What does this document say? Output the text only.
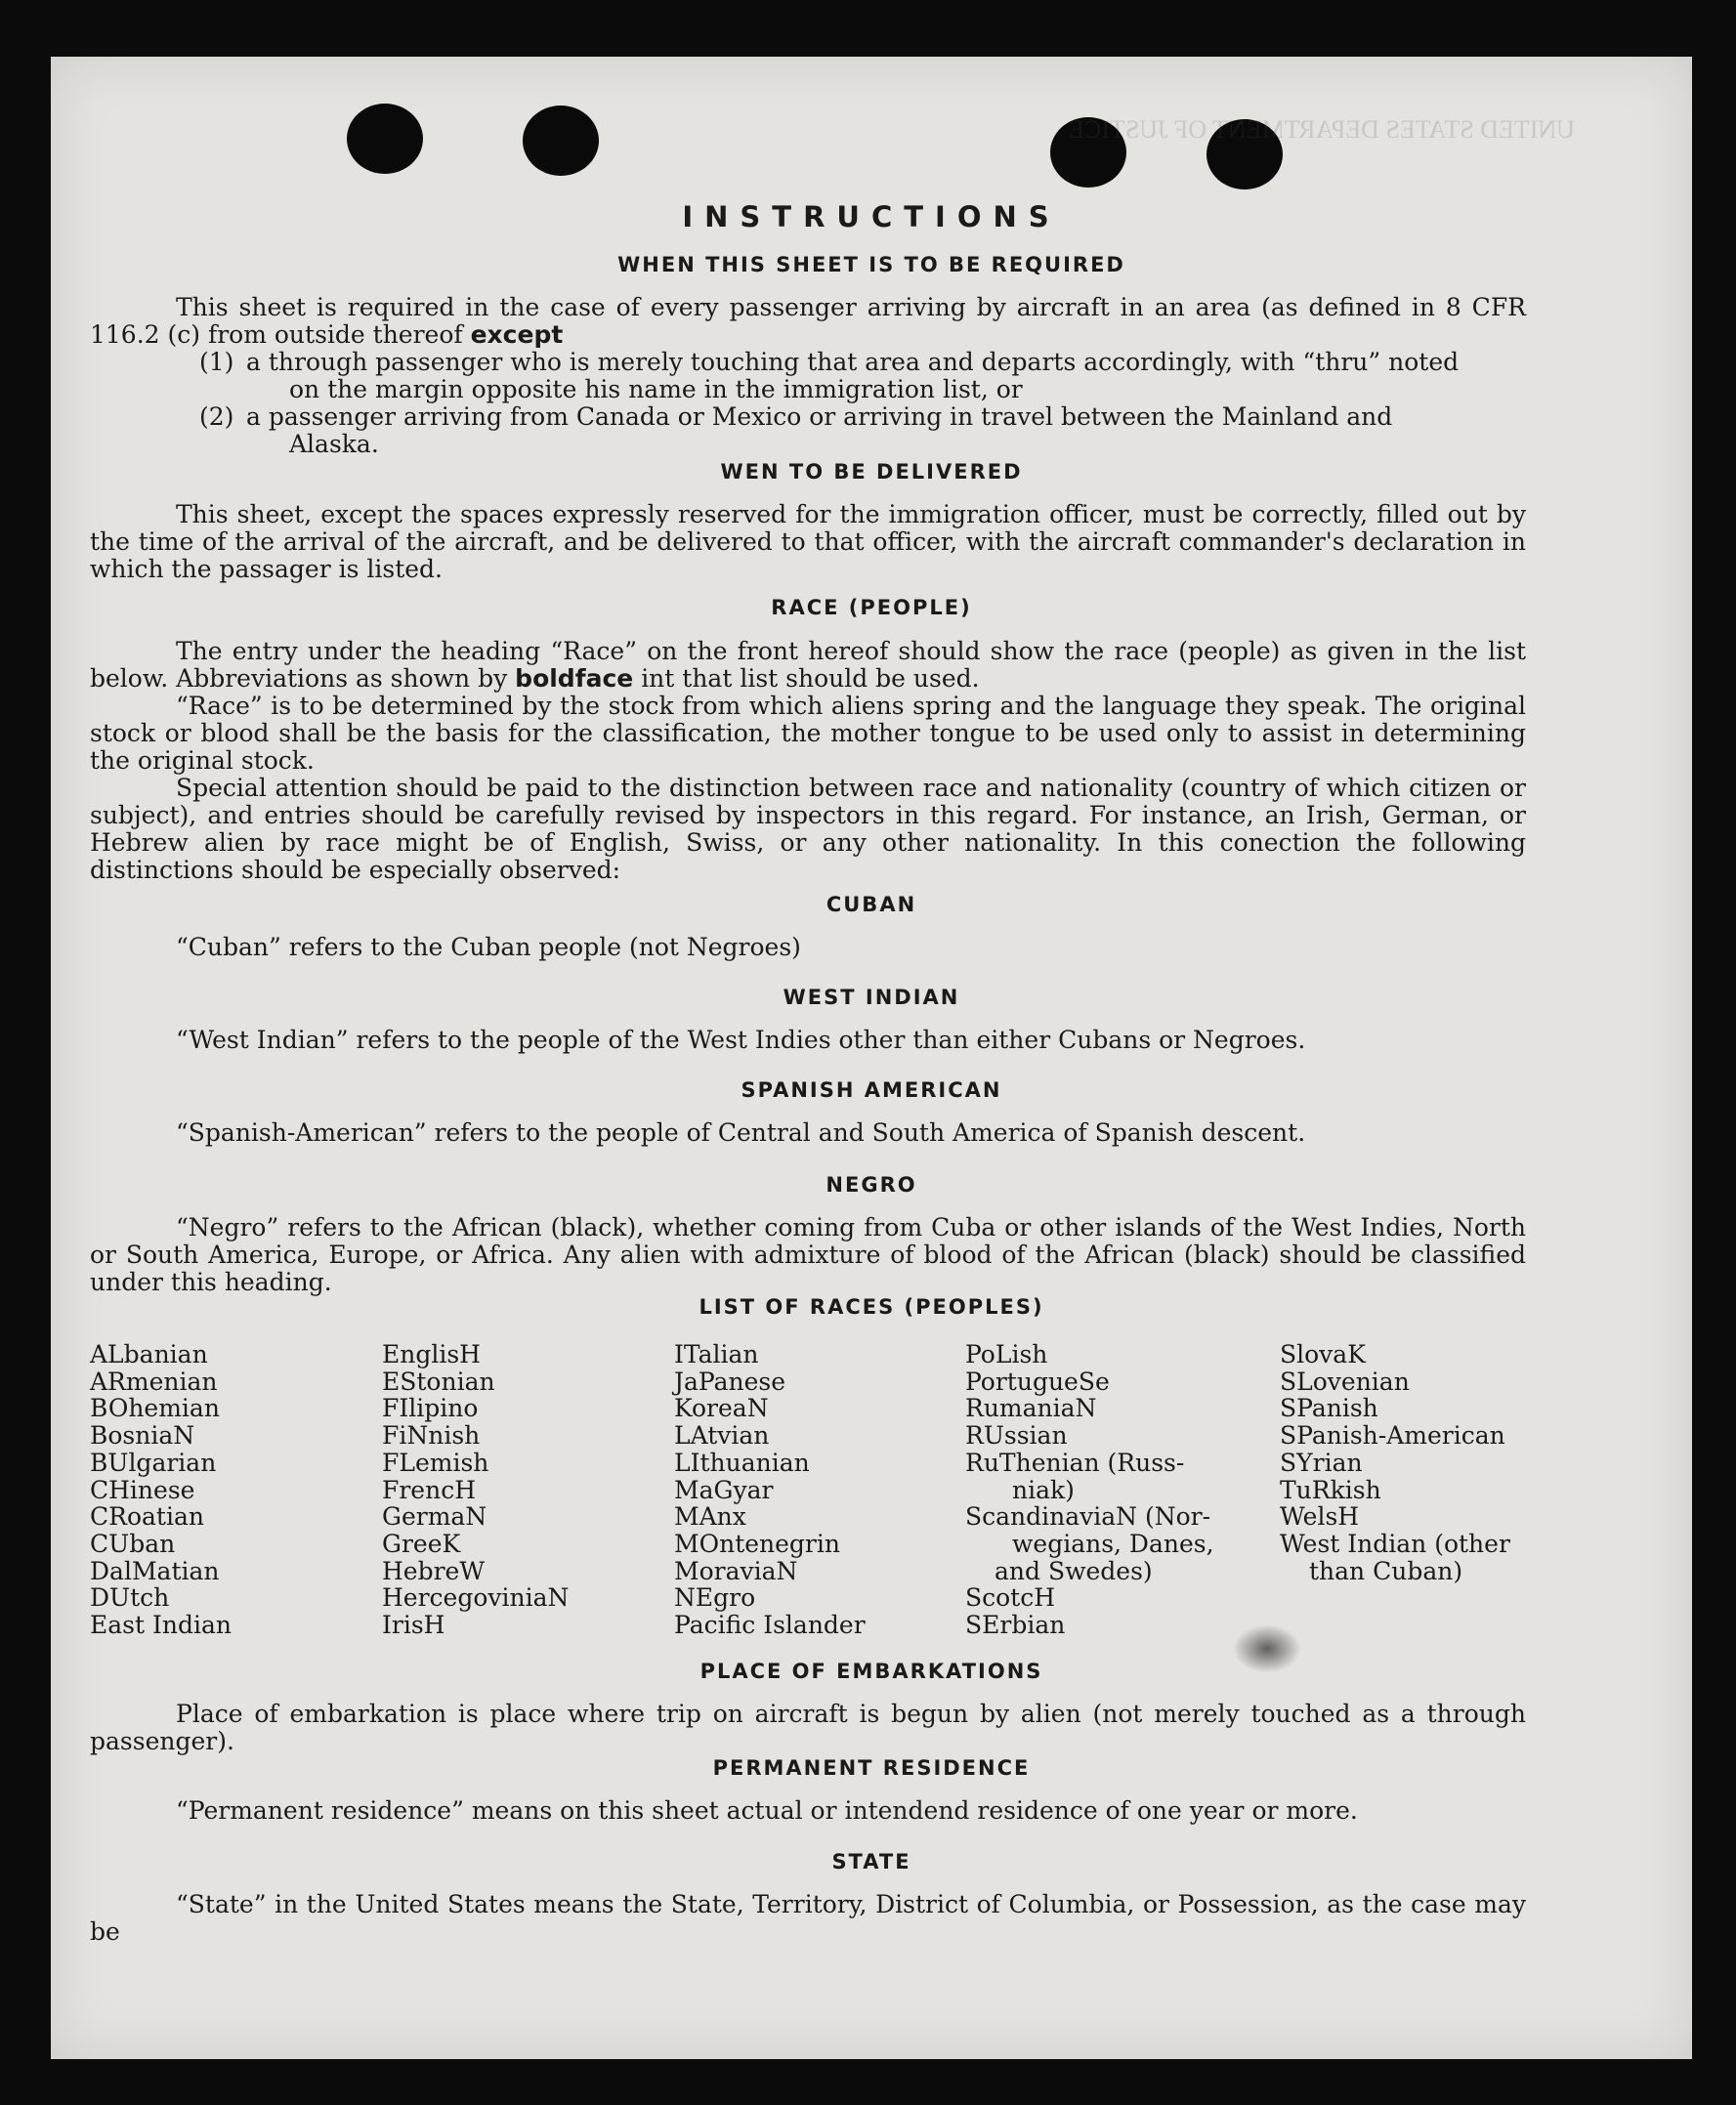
UNITED STATES DEPARTMENT OF JUSTICE
INSTRUCTIONS
WHEN THIS SHEET IS TO BE REQUIRED
This sheet is required in the case of every passenger arriving by aircraft in an area (as defined in 8 CFR 116.2 (c) from outside thereof except
(1) a through passenger who is merely touching that area and departs accordingly, with “thru” noted
on the margin opposite his name in the immigration list, or
(2) a passenger arriving from Canada or Mexico or arriving in travel between the Mainland and
Alaska.
WEN TO BE DELIVERED
This sheet, except the spaces expressly reserved for the immigration officer, must be correctly, filled out by the time of the arrival of the aircraft, and be delivered to that officer, with the aircraft commander's declaration in which the passager is listed.
RACE (PEOPLE)
The entry under the heading “Race” on the front hereof should show the race (people) as given in the list below. Abbreviations as shown by boldface int that list should be used.
“Race” is to be determined by the stock from which aliens spring and the language they speak. The original stock or blood shall be the basis for the classification, the mother tongue to be used only to assist in determining the original stock.
Special attention should be paid to the distinction between race and nationality (country of which citizen or subject), and entries should be carefully revised by inspectors in this regard. For instance, an Irish, German, or Hebrew alien by race might be of English, Swiss, or any other nationality. In this conection the following distinctions should be especially observed:
CUBAN
“Cuban” refers to the Cuban people (not Negroes)
WEST INDIAN
“West Indian” refers to the people of the West Indies other than either Cubans or Negroes.
SPANISH AMERICAN
“Spanish-American” refers to the people of Central and South America of Spanish descent.
NEGRO
“Negro” refers to the African (black), whether coming from Cuba or other islands of the West Indies, North or South America, Europe, or Africa. Any alien with admixture of blood of the African (black) should be classified under this heading.
LIST OF RACES (PEOPLES)
ALbanian
ARmenian
BOhemian
BosniaN
BUlgarian
CHinese
CRoatian
CUban
DalMatian
DUtch
East Indian
EnglisH
EStonian
FIlipino
FiNnish
FLemish
FrencH
GermaN
GreeK
HebreW
HercegoviniaN
IrisH
ITalian
JaPanese
KoreaN
LAtvian
LIthuanian
MaGyar
MAnx
MOntenegrin
MoraviaN
NEgro
Pacific Islander
PoLish
PortugueSe
RumaniaN
RUssian
RuThenian (Russ-
niak)
ScandinaviaN (Nor-
wegians, Danes,
and Swedes)
ScotcH
SErbian
SlovaK
SLovenian
SPanish
SPanish-American
SYrian
TuRkish
WelsH
West Indian (other
than Cuban)
PLACE OF EMBARKATIONS
Place of embarkation is place where trip on aircraft is begun by alien (not merely touched as a through passenger).
PERMANENT RESIDENCE
“Permanent residence” means on this sheet actual or intendend residence of one year or more.
STATE
“State” in the United States means the State, Territory, District of Columbia, or Possession, as the case may be
